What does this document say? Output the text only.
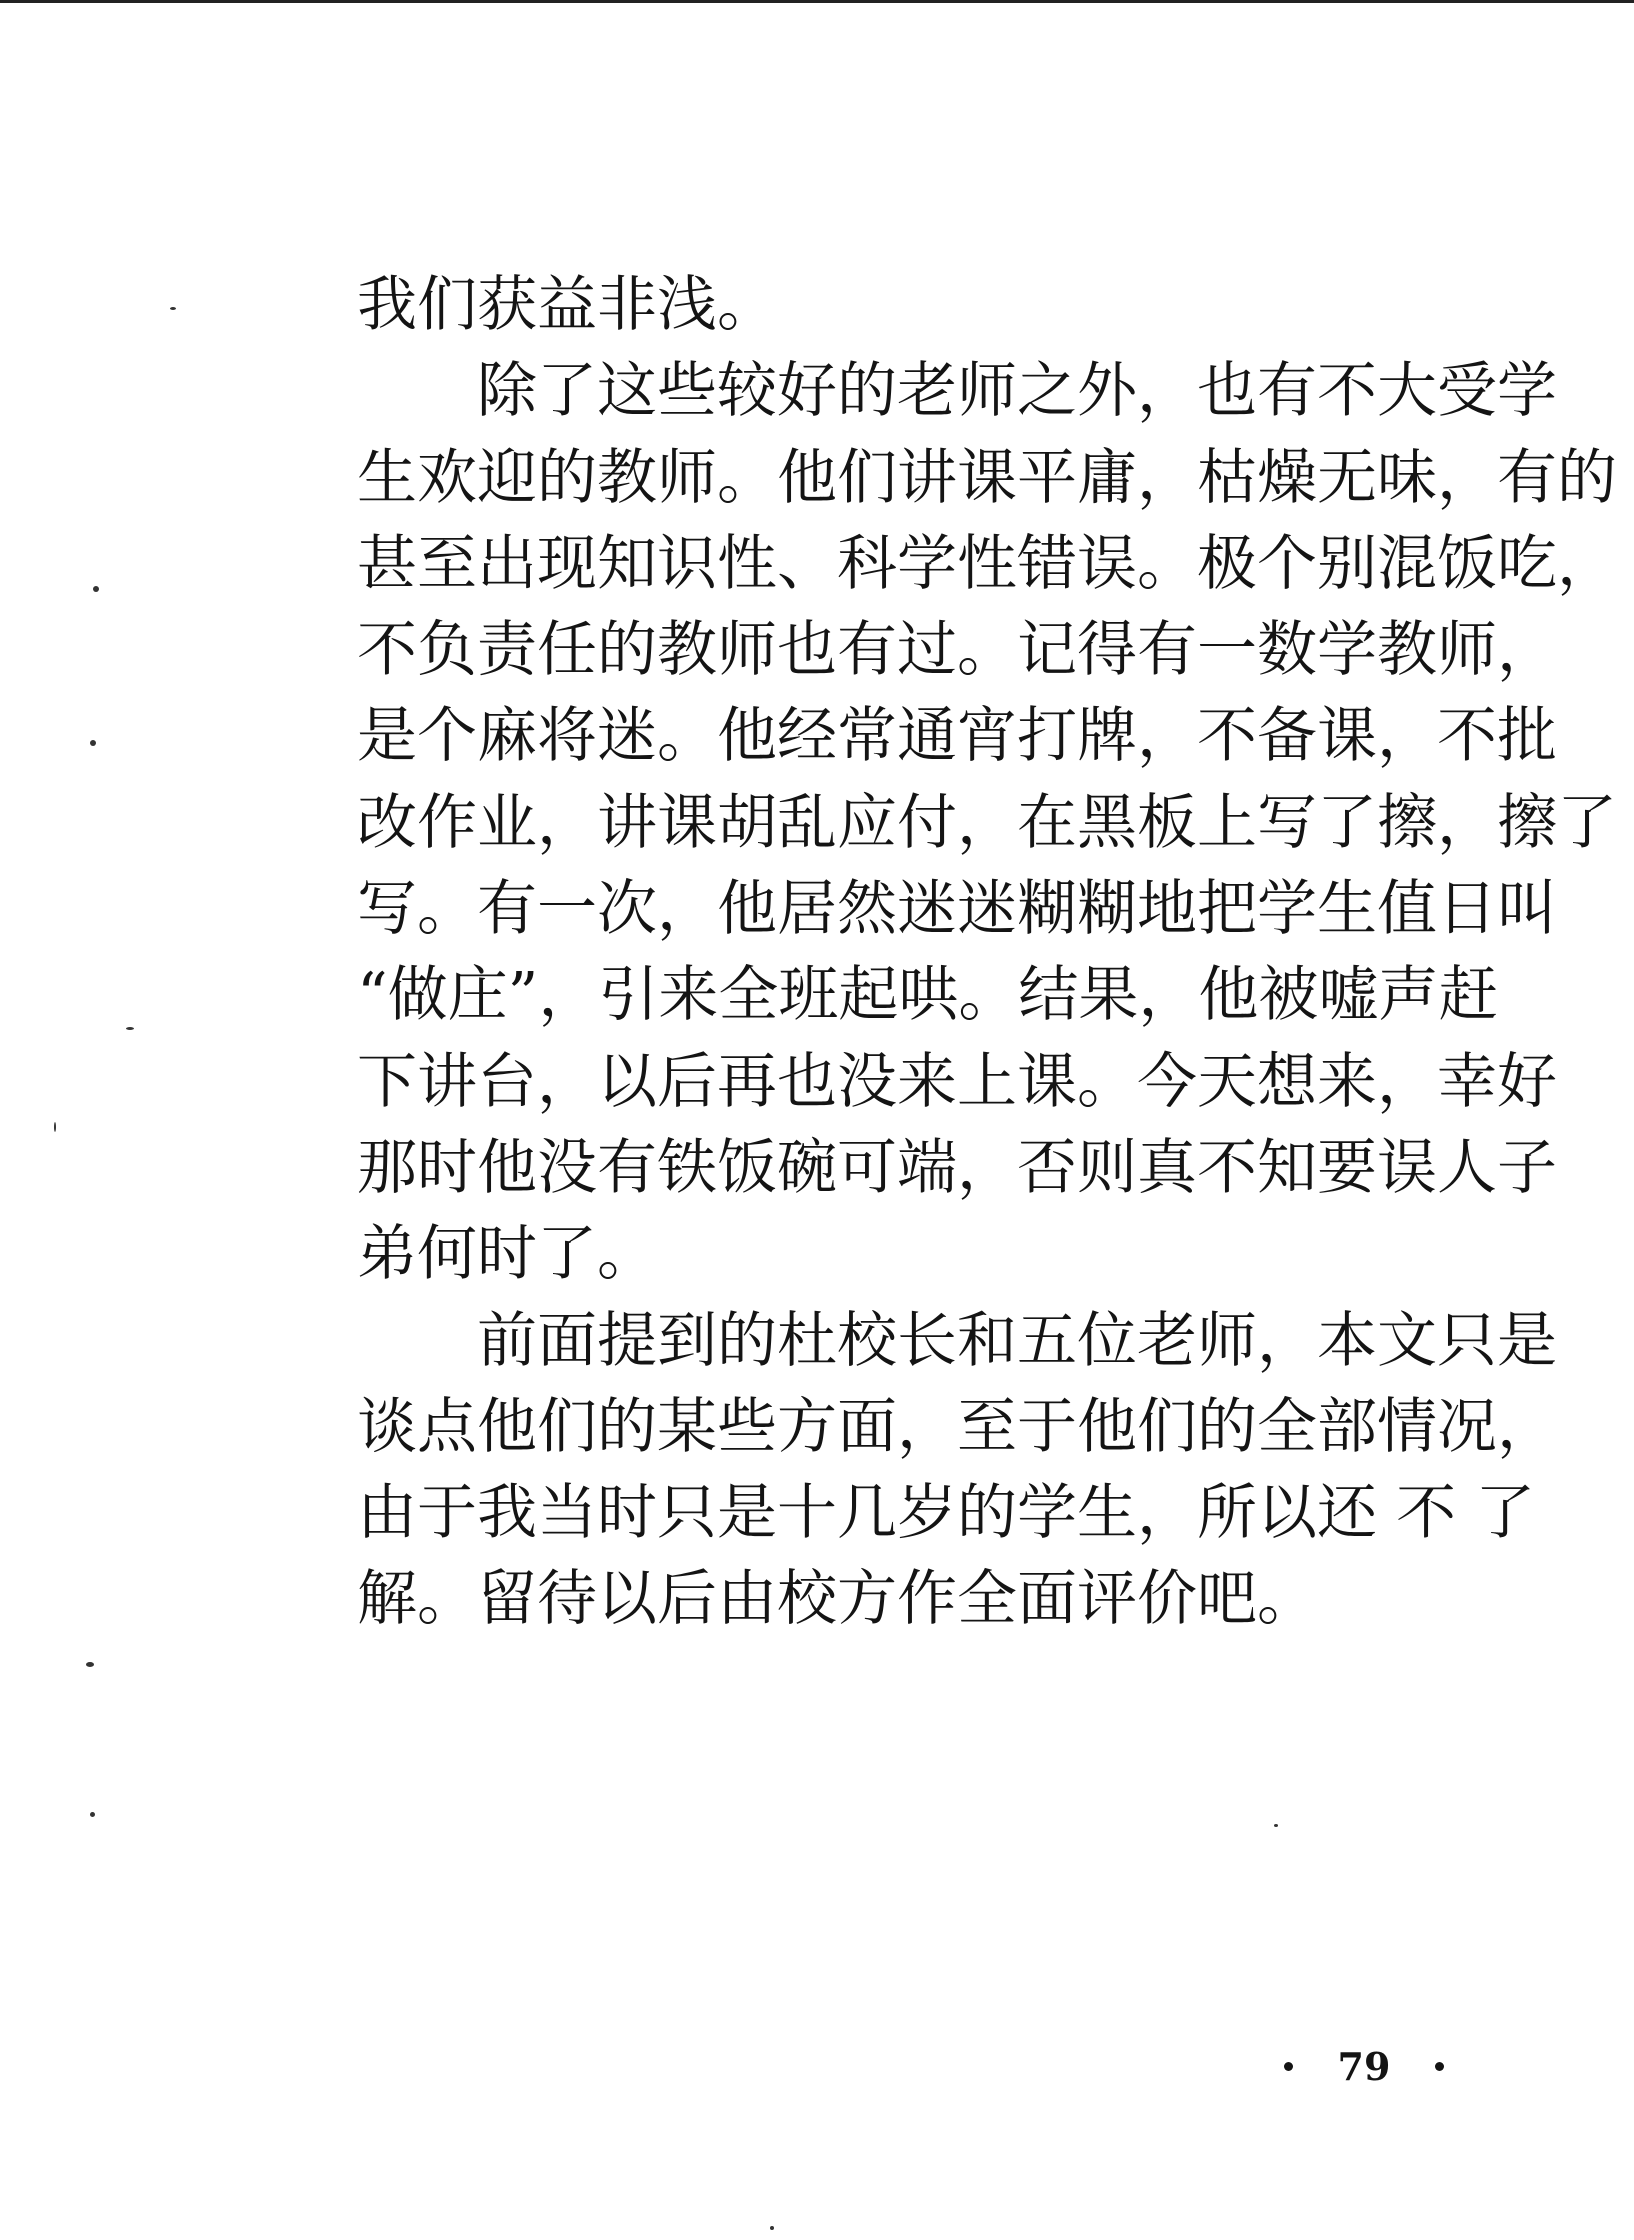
我们获益非浅。
除了这些较好的老师之外，也有不大受学
生欢迎的教师。他们讲课平庸，枯燥无味，有的
甚至出现知识性、科学性错误。极个别混饭吃，
不负责任的教师也有过。记得有一数学教师，
是个麻将迷。他经常通宵打牌，不备课，不批
改作业，讲课胡乱应付，在黑板上写了擦，擦了
写。有一次，他居然迷迷糊糊地把学生值日叫
“做庄”，引来全班起哄。结果，他被嘘声赶
下讲台，以后再也没来上课。今天想来，幸好
那时他没有铁饭碗可端，否则真不知要误人子
弟何时了。
前面提到的杜校长和五位老师，本文只是
谈点他们的某些方面，至于他们的全部情况，
由于我当时只是十几岁的学生，所以还 不 了
解。留待以后由校方作全面评价吧。
79
